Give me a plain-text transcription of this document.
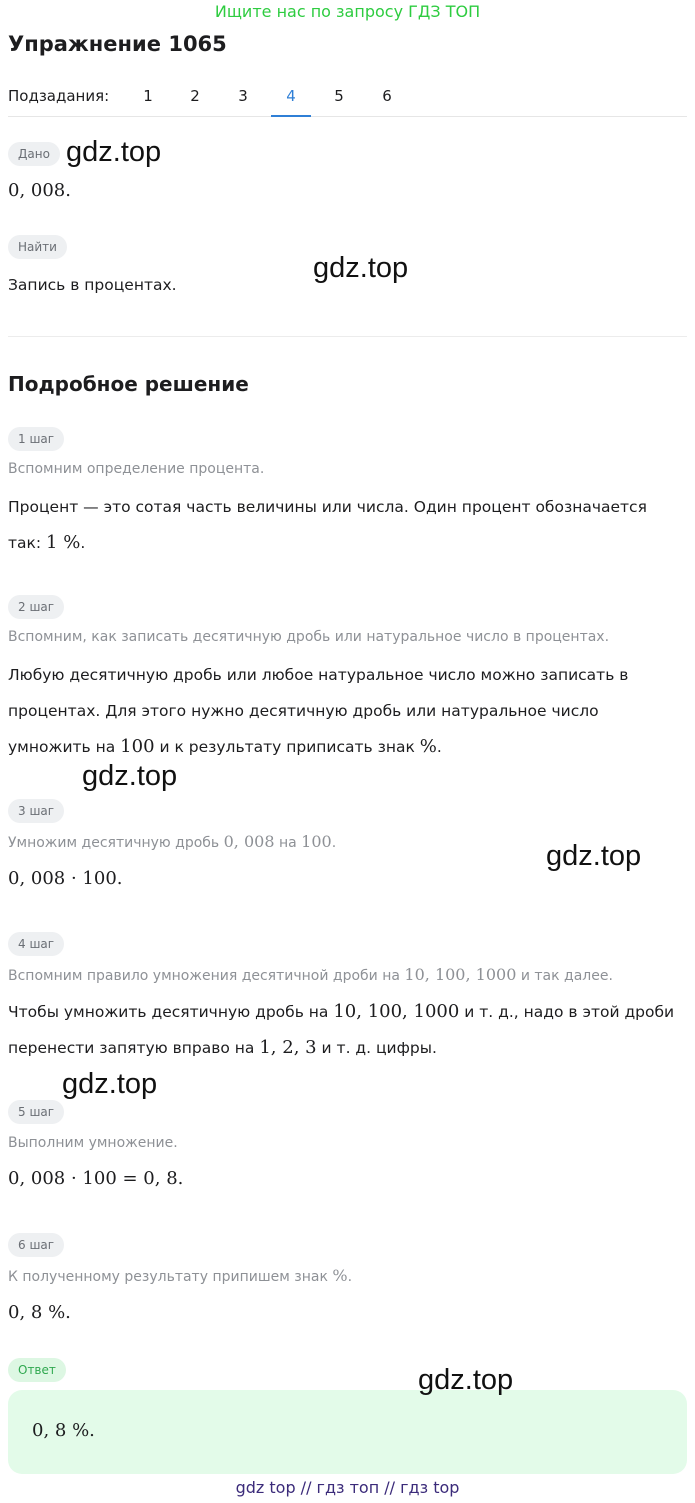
Ищите нас по запросу ГДЗ ТОП
Упражнение 1065
Подзадания:	1	2	3	4	5	6
Дано
0, 008.
Найти
Запись в процентах.
Подробное решение
1 шаг
Вспомним определение процента.
Процент — это сотая часть величины или числа. Один процент обозначается
так: 1 %.
2 шаг
Вспомним, как записать десятичную дробь или натуральное число в процентах.
Любую десятичную дробь или любое натуральное число можно записать в
процентах. Для этого нужно десятичную дробь или натуральное число
умножить на 100 и к результату приписать знак %.
3 шаг
Умножим десятичную дробь 0, 008 на 100.
0, 008 · 100.
4 шаг
Вспомним правило умножения десятичной дроби на 10, 100, 1000 и так далее.
Чтобы умножить десятичную дробь на 10, 100, 1000 и т. д., надо в этой дроби
перенести запятую вправо на 1, 2, 3 и т. д. цифры.
5 шаг
Выполним умножение.
0, 008 · 100 = 0, 8.
6 шаг
К полученному результату припишем знак %.
0, 8 %.
Ответ
0, 8 %.
gdz.top
gdz.top
gdz.top
gdz.top
gdz.top
gdz.top
gdz top // гдз топ // гдз top
